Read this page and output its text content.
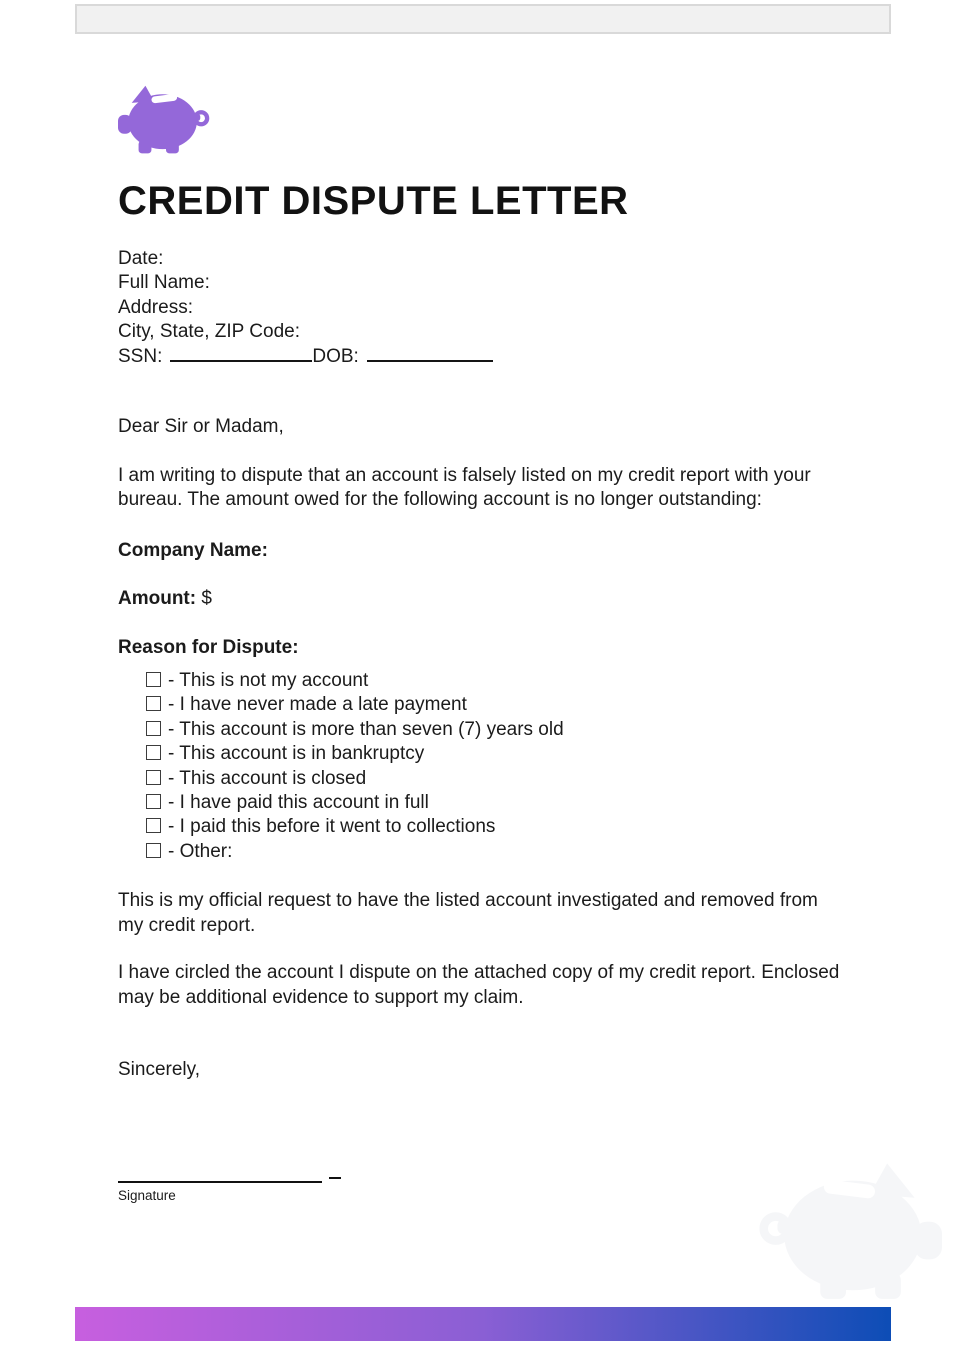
CREDIT DISPUTE LETTER
Date:
Full Name:
Address:
City, State, ZIP Code:
SSN:	DOB:

Dear Sir or Madam,

I am writing to dispute that an account is falsely listed on my credit report with your bureau. The amount owed for the following account is no longer outstanding:

Company Name:

Amount: $

Reason for Dispute:

- This is not my account
- I have never made a late payment
- This account is more than seven (7) years old
- This account is in bankruptcy
- This account is closed
- I have paid this account in full
- I paid this before it went to collections
- Other:

This is my official request to have the listed account investigated and removed from my credit report.

I have circled the account I dispute on the attached copy of my credit report. Enclosed may be additional evidence to support my claim.

Sincerely,

Signature
